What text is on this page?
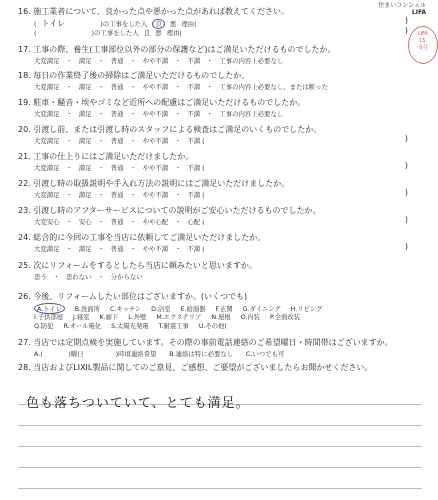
住まいコンシェル
LIFA
LIFA
15.
受付
16. 施工業者について、良かった点や悪かった点があれば教えてください。
( トイレ	)の工事をした人 良 悪 理由(	)
(	)の工事をした人 良 悪 理由(	)
17. 工事の際、養生(工事部位以外の部分の保護など)はご満足いただけるものでしたか。
大変満足　・　満足　・　普通　・　やや不満　・　不満　・　工事の内容上必要なし
18. 毎日の作業終了後の掃除はご満足いただけるものでしたか。
大変満足　・　満足　・　普通　・　やや不満　・　不満　・　工事の内容上必要なし、または断った
19. 駐車・騒音・埃やゴミなど近所への配慮はご満足いただけるものでしたか。
大変満足　・　満足　・　普通　・　やや不満　・　不満　・　工事の内容上必要なし
20. 引渡し前、または引渡し時のスタッフによる検査はご満足のいくものでしたか。
大変満足　・　満足　・　普通　・　やや不満　・　不満 (	)
21. 工事の仕上りにはご満足いただけましたか。
大変満足　・　満足　・　普通　・　やや不満　・　不満 (	)
22. 引渡し時の取扱説明や手入れ方法の説明にはご満足いただけましたか。
大変満足　・　満足　・　普通　・　やや不満　・　不満 (	)
23. 引渡し時のアフターサービスについての説明がご安心いただけるものでしたか。
大変安心　・　安心　・　普通　・　やや心配　・　心配 (	)
24. 総合的に今回の工事を当店に依頼してご満足いただけましたか。
大変満足　・　満足　・　普通　・　やや不満　・　不満 (	)
25. 次にリフォームをするとしたら当店に頼みたいと思いますか。
思う　・　思わない　・　分からない
26. 今後、リフォームしたい部位はございますか。(いくつでも)
A.トイレ B.洗面所 C.キッチン D.浴室 E.給湯器 F.玄関 G.ダイニング H.リビング
I.子供部屋 J.寝室 K.廊下 L.外壁 M.エクステリア N.屋根 O.内装 P.全面改装
Q.防犯 R.オール電化 S.太陽光発電 T.耐震工事 U.その他(
27. 当店では定期点検を実施しています。その際の事前電話連絡のご希望曜日・時間帯はございますか。
A.(　　　　)曜日　　　　　)時頃連絡希望　　B.連絡は特に必要なし　　C.いつでも可
28. 当店およびLIXIL製品に関してのご意見、ご感想、ご要望がございましたらお聞かせください。
色も落ちついていて、とても満足。
